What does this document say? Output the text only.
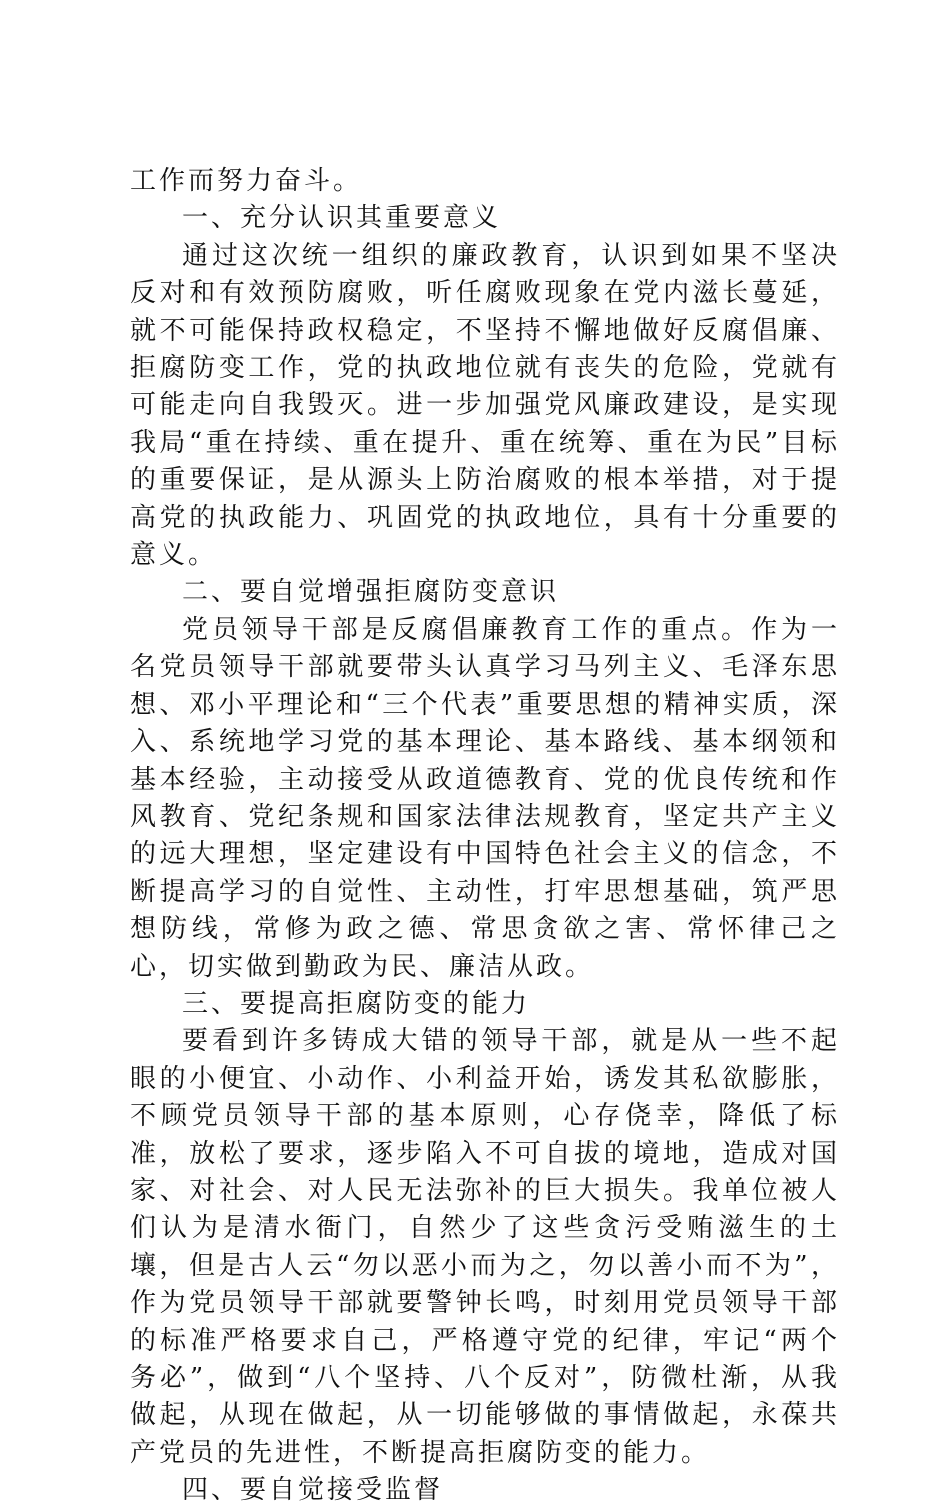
工作而努力奋斗。

一、充分认识其重要意义

通过这次统一组织的廉政教育，认识到如果不坚决反对和有效预防腐败，听任腐败现象在党内滋长蔓延，就不可能保持政权稳定，不坚持不懈地做好反腐倡廉、拒腐防变工作，党的执政地位就有丧失的危险，党就有可能走向自我毁灭。进一步加强党风廉政建设，是实现我局“重在持续、重在提升、重在统筹、重在为民”目标的重要保证，是从源头上防治腐败的根本举措，对于提高党的执政能力、巩固党的执政地位，具有十分重要的意义。

二、要自觉增强拒腐防变意识

党员领导干部是反腐倡廉教育工作的重点。作为一名党员领导干部就要带头认真学习马列主义、毛泽东思想、邓小平理论和“三个代表”重要思想的精神实质，深入、系统地学习党的基本理论、基本路线、基本纲领和基本经验，主动接受从政道德教育、党的优良传统和作风教育、党纪条规和国家法律法规教育，坚定共产主义的远大理想，坚定建设有中国特色社会主义的信念，不断提高学习的自觉性、主动性，打牢思想基础，筑严思想防线，常修为政之德、常思贪欲之害、常怀律己之心，切实做到勤政为民、廉洁从政。

三、要提高拒腐防变的能力

要看到许多铸成大错的领导干部，就是从一些不起眼的小便宜、小动作、小利益开始，诱发其私欲膨胀，不顾党员领导干部的基本原则，心存侥幸，降低了标准，放松了要求，逐步陷入不可自拔的境地，造成对国家、对社会、对人民无法弥补的巨大损失。我单位被人们认为是清水衙门，自然少了这些贪污受贿滋生的土壤，但是古人云“勿以恶小而为之，勿以善小而不为”，作为党员领导干部就要警钟长鸣，时刻用党员领导干部的标准严格要求自己，严格遵守党的纪律，牢记“两个务必”，做到“八个坚持、八个反对”，防微杜渐，从我做起，从现在做起，从一切能够做的事情做起，永葆共产党员的先进性，不断提高拒腐防变的能力。

四、要自觉接受监督
